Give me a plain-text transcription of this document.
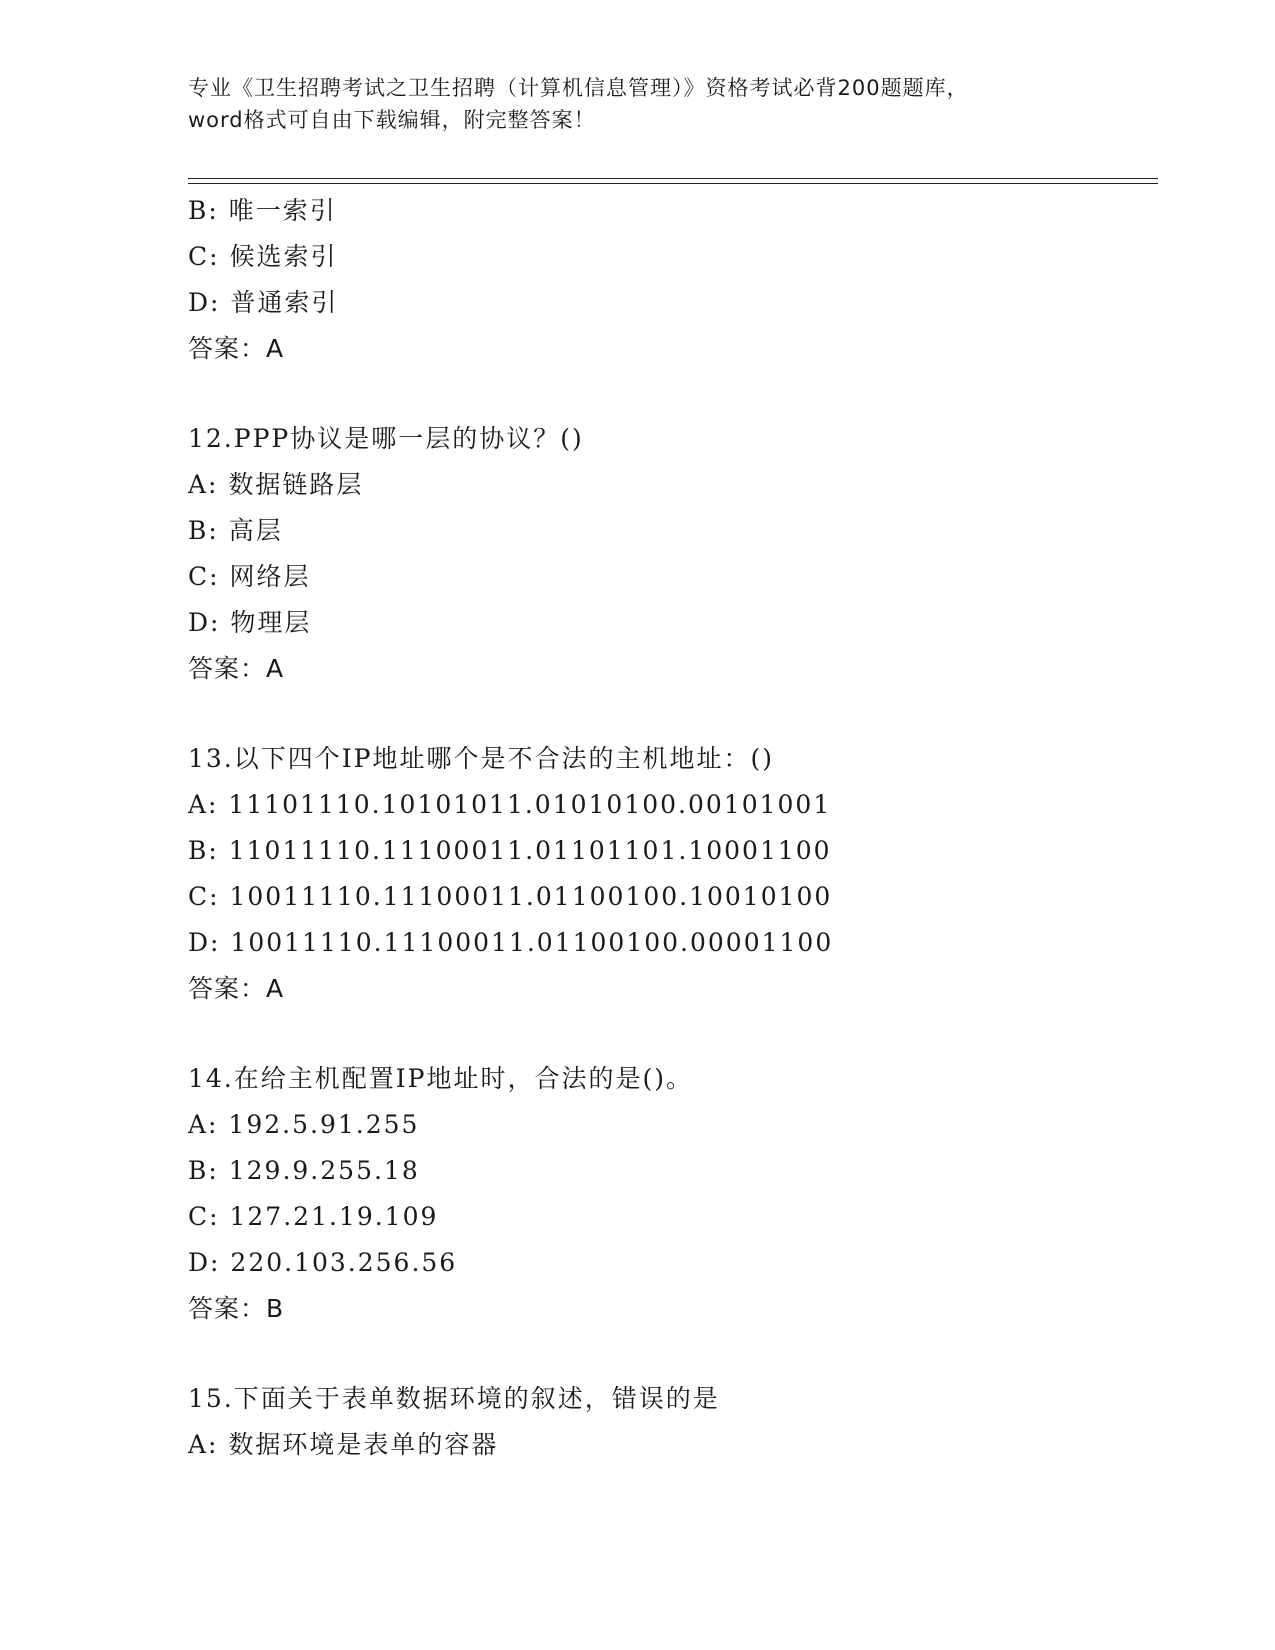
专业《卫生招聘考试之卫生招聘（计算机信息管理）》资格考试必背200题题库，
word格式可自由下载编辑，附完整答案！
B: 唯一索引
C: 候选索引
D: 普通索引
答案：A
12.PPP协议是哪一层的协议？()
A: 数据链路层
B: 高层
C: 网络层
D: 物理层
答案：A
13.以下四个IP地址哪个是不合法的主机地址：()
A: 11101110.10101011.01010100.00101001
B: 11011110.11100011.01101101.10001100
C: 10011110.11100011.01100100.10010100
D: 10011110.11100011.01100100.00001100
答案：A
14.在给主机配置IP地址时，合法的是()。
A: 192.5.91.255
B: 129.9.255.18
C: 127.21.19.109
D: 220.103.256.56
答案：B
15.下面关于表单数据环境的叙述，错误的是
A: 数据环境是表单的容器
